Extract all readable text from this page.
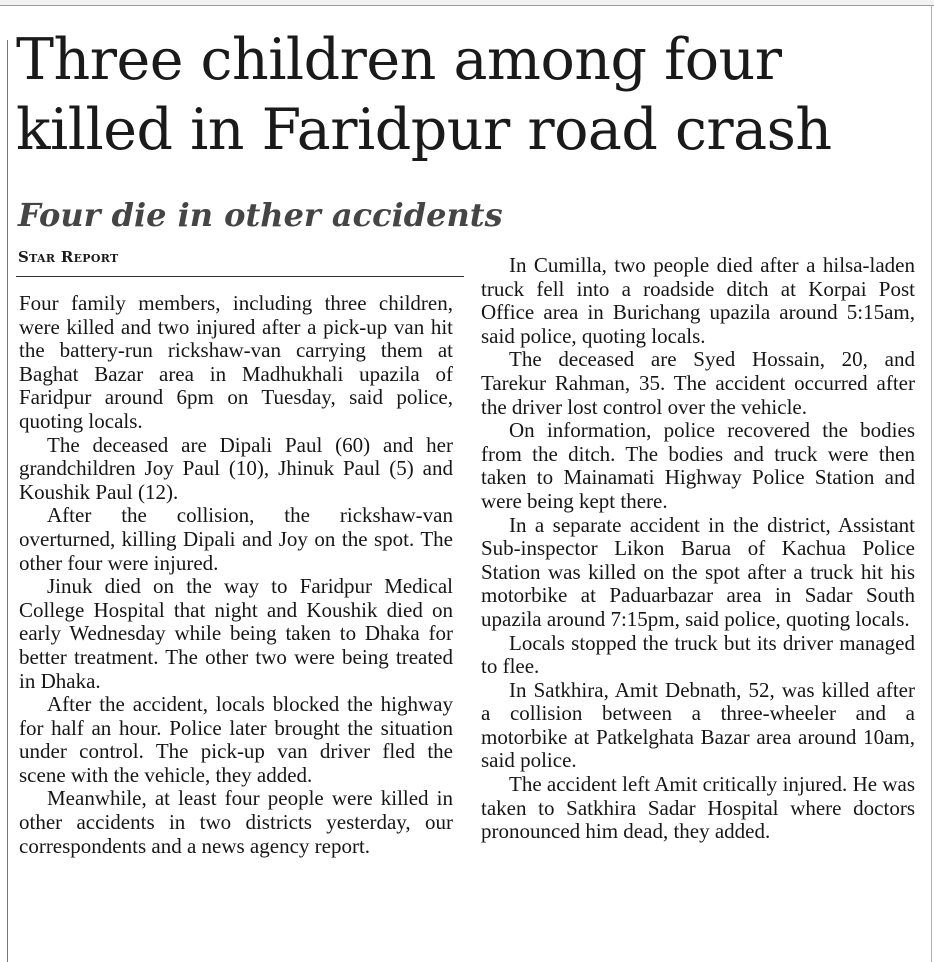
Three children among four
killed in Faridpur road crash
Four die in other accidents
Star Report

Four family members, including three children, were killed and two injured after a pick-up van hit the battery-run rickshaw-van carrying them at Baghat Bazar area in Madhukhali upazila of Faridpur around 6pm on Tuesday, said police, quoting locals.

The deceased are Dipali Paul (60) and her grandchildren Joy Paul (10), Jhinuk Paul (5) and Koushik Paul (12).

After the collision, the rickshaw-van overturned, killing Dipali and Joy on the spot. The other four were injured.

Jinuk died on the way to Faridpur Medical College Hospital that night and Koushik died on early Wednesday while being taken to Dhaka for better treatment. The other two were being treated in Dhaka.

After the accident, locals blocked the highway for half an hour. Police later brought the situation under control. The pick-up van driver fled the scene with the vehicle, they added.

Meanwhile, at least four people were killed in other accidents in two districts yesterday, our correspondents and a news agency report.

In Cumilla, two people died after a hilsa-laden truck fell into a roadside ditch at Korpai Post Office area in Burichang upazila around 5:15am, said police, quoting locals.

The deceased are Syed Hossain, 20, and Tarekur Rahman, 35. The accident occurred after the driver lost control over the vehicle.

On information, police recovered the bodies from the ditch. The bodies and truck were then taken to Mainamati Highway Police Station and were being kept there.

In a separate accident in the district, Assistant Sub-inspector Likon Barua of Kachua Police Station was killed on the spot after a truck hit his motorbike at Paduarbazar area in Sadar South upazila around 7:15pm, said police, quoting locals.

Locals stopped the truck but its driver managed to flee.

In Satkhira, Amit Debnath, 52, was killed after a collision between a three-wheeler and a motorbike at Patkelghata Bazar area around 10am, said police.

The accident left Amit critically injured. He was taken to Satkhira Sadar Hospital where doctors pronounced him dead, they added.
